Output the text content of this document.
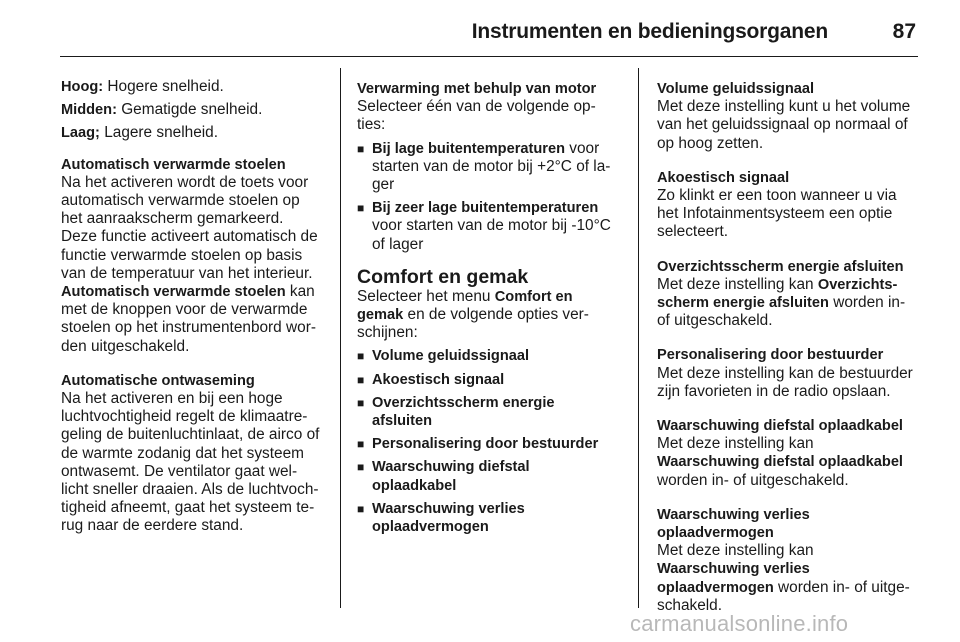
Instrumenten en bedieningsorganen	87

Hoog: Hogere snelheid.

Midden: Gematigde snelheid.

Laag; Lagere snelheid.

Automatisch verwarmde stoelen

Na het activeren wordt de toets voor
automatisch verwarmde stoelen op
het aanraakscherm gemarkeerd.
Deze functie activeert automatisch de
functie verwarmde stoelen op basis
van de temperatuur van het interieur.
Automatisch verwarmde stoelen kan
met de knoppen voor de verwarmde
stoelen op het instrumentenbord wor-
den uitgeschakeld.

Automatische ontwaseming

Na het activeren en bij een hoge
luchtvochtigheid regelt de klimaatre-
geling de buitenluchtinlaat, de airco of
de warmte zodanig dat het systeem
ontwasemt. De ventilator gaat wel-
licht sneller draaien. Als de luchtvoch-
tigheid afneemt, gaat het systeem te-
rug naar de eerdere stand.

Verwarming met behulp van motor

Selecteer één van de volgende op-
ties:

■ Bij lage buitentemperaturen voor
starten van de motor bij +2°C of la-
ger
■ Bij zeer lage buitentemperaturen
voor starten van de motor bij -10°C
of lager

Comfort en gemak

Selecteer het menu Comfort en
gemak en de volgende opties ver-
schijnen:

■ Volume geluidssignaal
■ Akoestisch signaal
■ Overzichtsscherm energie
afsluiten
■ Personalisering door bestuurder
■ Waarschuwing diefstal
oplaadkabel
■ Waarschuwing verlies
oplaadvermogen

Volume geluidssignaal

Met deze instelling kunt u het volume
van het geluidssignaal op normaal of
op hoog zetten.

Akoestisch signaal

Zo klinkt er een toon wanneer u via
het Infotainmentsysteem een optie
selecteert.

Overzichtsscherm energie afsluiten

Met deze instelling kan Overzichts-
scherm energie afsluiten worden in-
of uitgeschakeld.

Personalisering door bestuurder

Met deze instelling kan de bestuurder
zijn favorieten in de radio opslaan.

Waarschuwing diefstal oplaadkabel

Met deze instelling kan
Waarschuwing diefstal oplaadkabel
worden in- of uitgeschakeld.

Waarschuwing verlies
oplaadvermogen

Met deze instelling kan
Waarschuwing verlies
oplaadvermogen worden in- of uitge-
schakeld.

carmanualsonline.info
